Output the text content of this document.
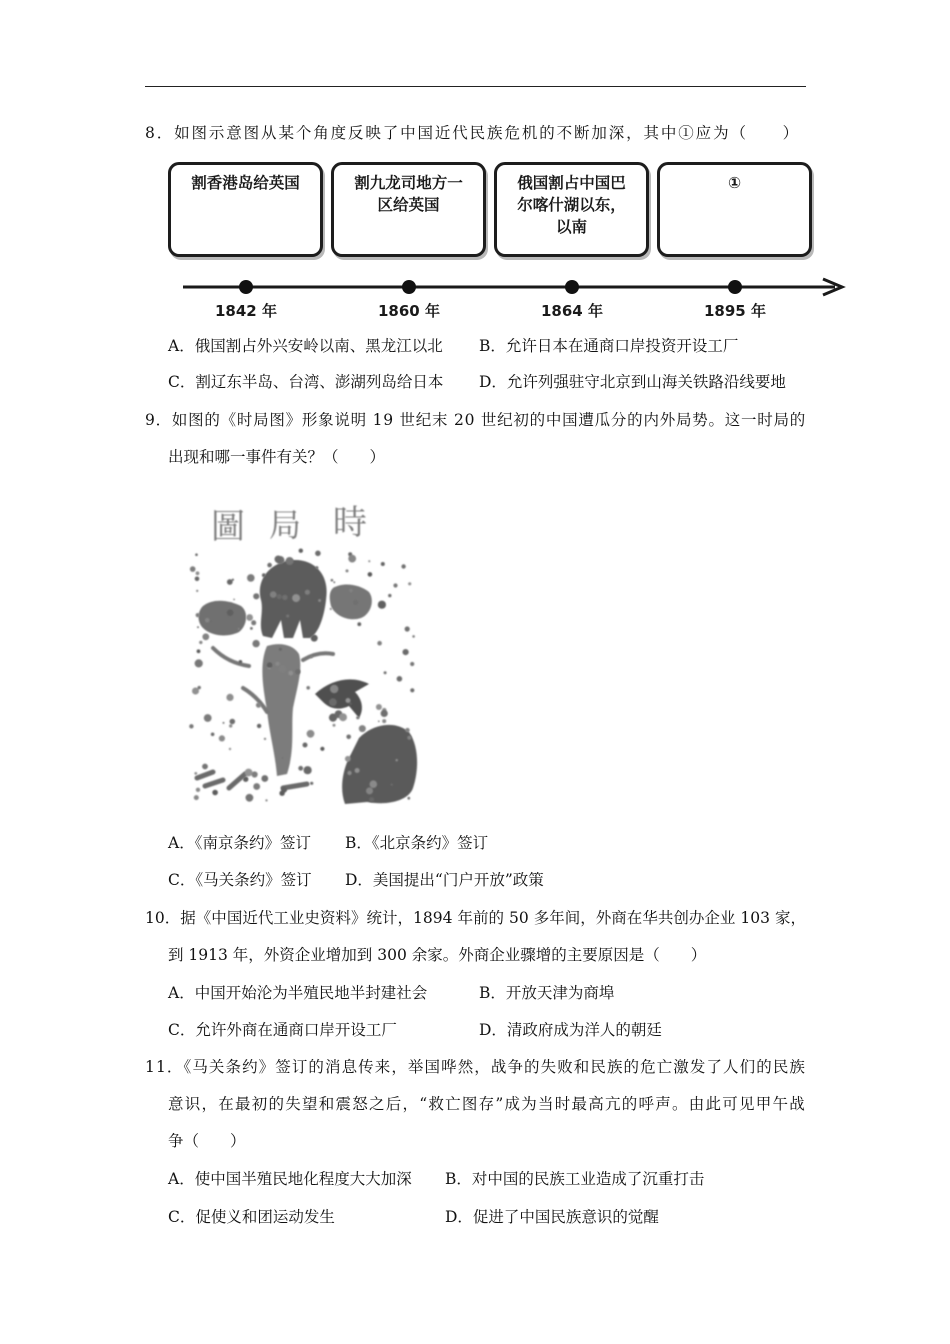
8．如图示意图从某个角度反映了中国近代民族危机的不断加深，其中①应为（　　）
割香港岛给英国	割九龙司地方一
区给英国
俄国割占中国巴
尔喀什湖以东，
以南
①
1842 年	1860 年	1864 年	1895 年
A．俄国割占外兴安岭以南、黑龙江以北 B．允许日本在通商口岸投资开设工厂
C．割辽东半岛、台湾、澎湖列岛给日本 D．允许列强驻守北京到山海关铁路沿线要地
9．如图的《时局图》形象说明 19 世纪末 20 世纪初的中国遭瓜分的内外局势。这一时局的
出现和哪一事件有关？（　　）
圖 局 時
A．《南京条约》签订 B．《北京条约》签订
C．《马关条约》签订 D．美国提出“门户开放”政策
10．据《中国近代工业史资料》统计，1894 年前的 50 多年间，外商在华共创办企业 103 家，
到 1913 年，外资企业增加到 300 余家。外商企业骤增的主要原因是（　　）
A．中国开始沦为半殖民地半封建社会	B．开放天津为商埠
C．允许外商在通商口岸开设工厂	D．清政府成为洋人的朝廷
11．《马关条约》签订的消息传来，举国哗然，战争的失败和民族的危亡激发了人们的民族
意识，在最初的失望和震怒之后，“救亡图存”成为当时最高亢的呼声。由此可见甲午战
争（　　）
A．使中国半殖民地化程度大大加深 B．对中国的民族工业造成了沉重打击
C．促使义和团运动发生	D．促进了中国民族意识的觉醒
